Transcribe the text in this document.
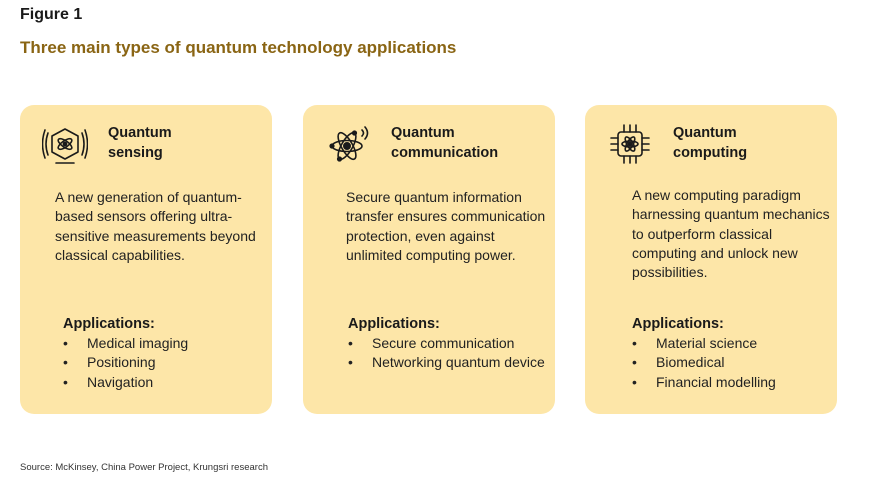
Figure 1
Three main types of quantum technology applications
Quantum
sensing
A new generation of quantum-based sensors offering ultra-sensitive measurements beyond classical capabilities.
Applications:
• Medical imaging
• Positioning
• Navigation
Quantum
communication
Secure quantum information transfer ensures communication protection, even against unlimited computing power.
Applications:
• Secure communication
• Networking quantum device
Quantum
computing
A new computing paradigm harnessing quantum mechanics to outperform classical computing and unlock new possibilities.
Applications:
• Material science
• Biomedical
• Financial modelling
Source: McKinsey, China Power Project, Krungsri research
